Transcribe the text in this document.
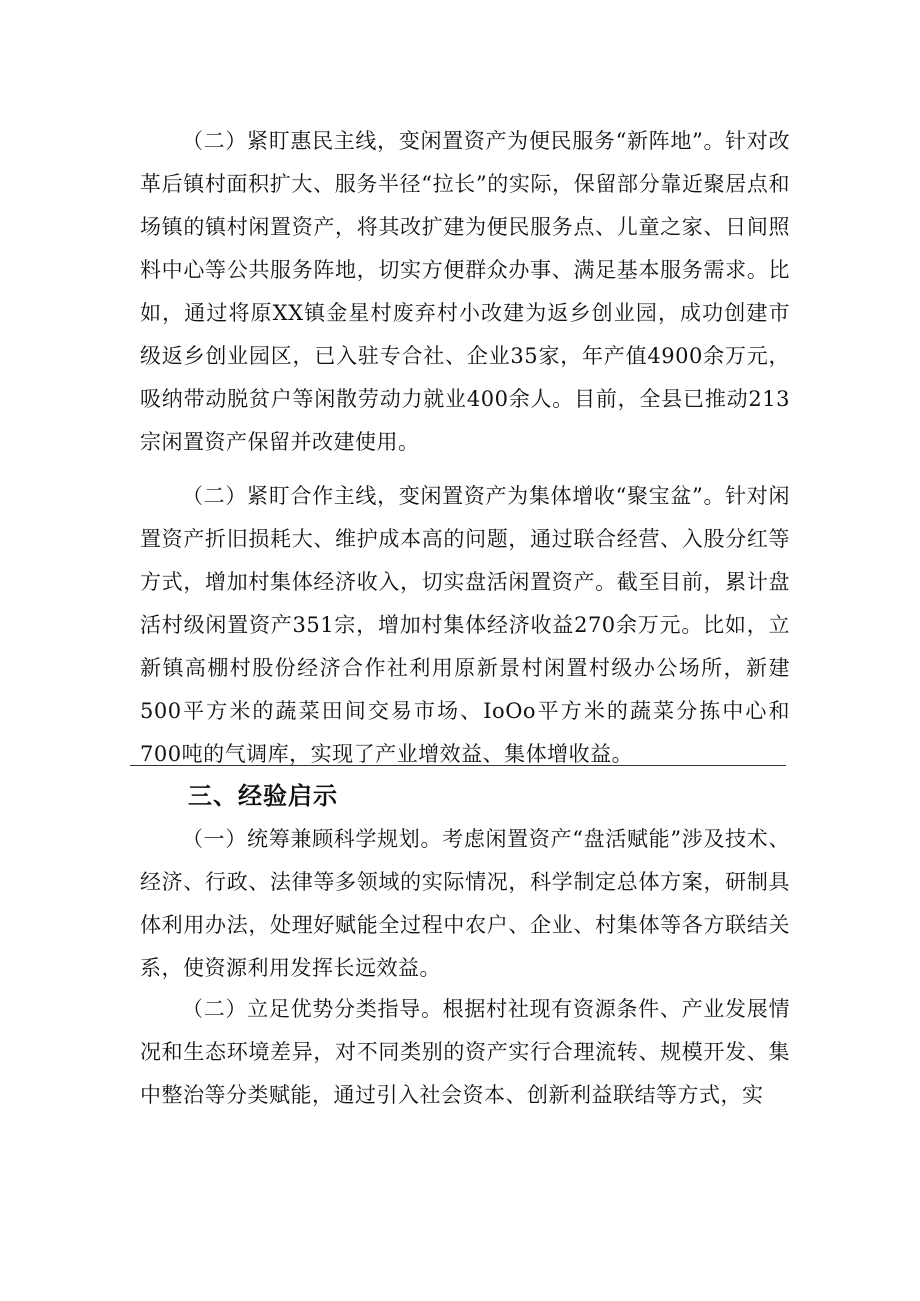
（二）紧盯惠民主线，变闲置资产为便民服务“新阵地”。针对改革后镇村面积扩大、服务半径“拉长”的实际，保留部分靠近聚居点和场镇的镇村闲置资产，将其改扩建为便民服务点、儿童之家、日间照料中心等公共服务阵地，切实方便群众办事、满足基本服务需求。比如，通过将原XX镇金星村废弃村小改建为返乡创业园，成功创建市级返乡创业园区，已入驻专合社、企业35家，年产值4900余万元，吸纳带动脱贫户等闲散劳动力就业400余人。目前，全县已推动213宗闲置资产保留并改建使用。

（二）紧盯合作主线，变闲置资产为集体增收“聚宝盆”。针对闲置资产折旧损耗大、维护成本高的问题，通过联合经营、入股分红等方式，增加村集体经济收入，切实盘活闲置资产。截至目前，累计盘活村级闲置资产351宗，增加村集体经济收益270余万元。比如，立新镇高棚村股份经济合作社利用原新景村闲置村级办公场所，新建500平方米的蔬菜田间交易市场、IoOo平方米的蔬菜分拣中心和700吨的气调库，实现了产业增效益、集体增收益。

三、经验启示

（一）统筹兼顾科学规划。考虑闲置资产“盘活赋能”涉及技术、经济、行政、法律等多领域的实际情况，科学制定总体方案，研制具体利用办法，处理好赋能全过程中农户、企业、村集体等各方联结关系，使资源利用发挥长远效益。

（二）立足优势分类指导。根据村社现有资源条件、产业发展情况和生态环境差异，对不同类别的资产实行合理流转、规模开发、集中整治等分类赋能，通过引入社会资本、创新利益联结等方式，实
